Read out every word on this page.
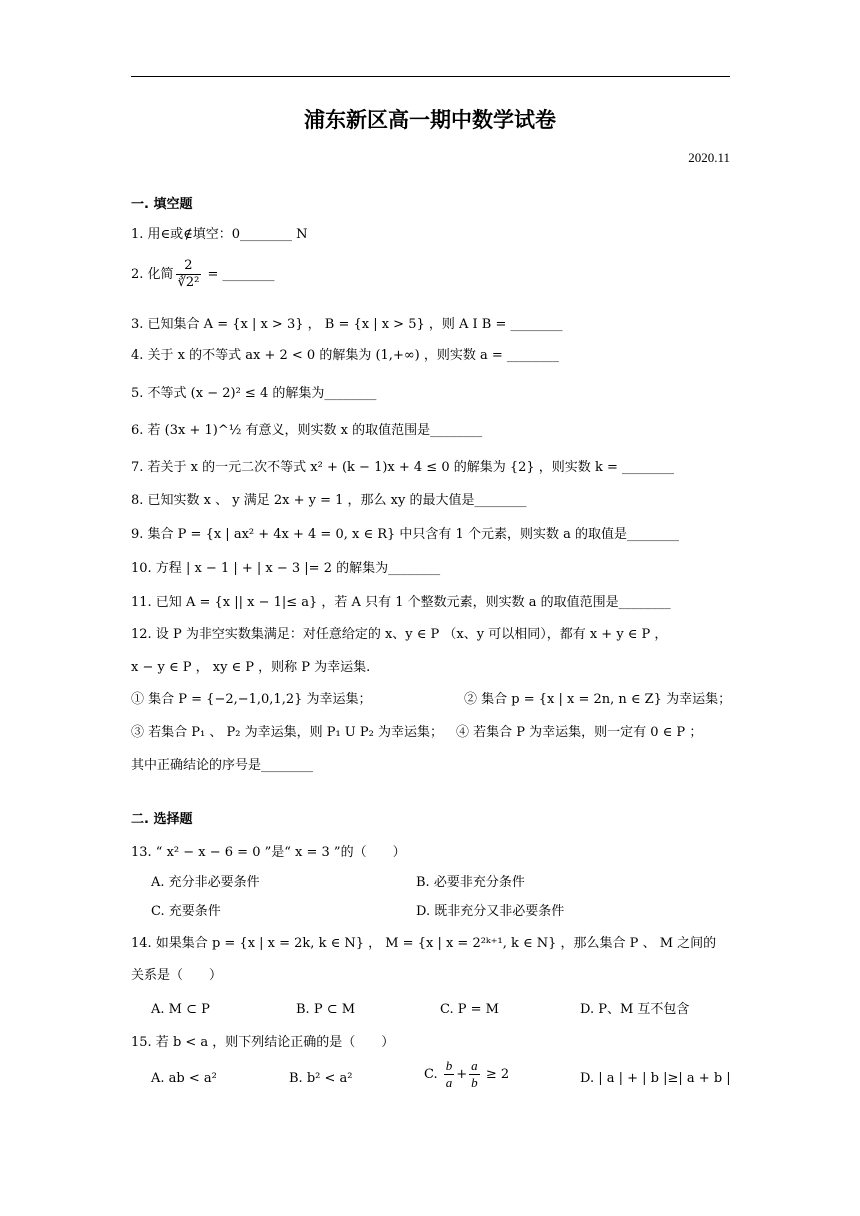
浦东新区高一期中数学试卷
2020.11
一. 填空题
1. 用∈或∉填空：0________ N
2. 化简 $\frac{2}{\text{∛2²}}$ = ________
3. 已知集合 A = {x | x > 3} ， B = {x | x > 5} ，则 A I B = ________
4. 关于 x 的不等式 ax + 2 < 0 的解集为 (1,+∞) ，则实数 a = ________
5. 不等式 (x − 2)² ≤ 4 的解集为________
6. 若 (3x + 1)^½ 有意义，则实数 x 的取值范围是________
7. 若关于 x 的一元二次不等式 x² + (k − 1)x + 4 ≤ 0 的解集为 {2} ，则实数 k = ________
8. 已知实数 x 、 y 满足 2x + y = 1 ，那么 xy 的最大值是________
9. 集合 P = {x | ax² + 4x + 4 = 0, x ∈ R} 中只含有 1 个元素，则实数 a 的取值是________
10. 方程 | x − 1 | + | x − 3 |= 2 的解集为________
11. 已知 A = {x || x − 1|≤ a} ，若 A 只有 1 个整数元素，则实数 a 的取值范围是________
12. 设 P 为非空实数集满足：对任意给定的 x、y ∈ P （x、y 可以相同），都有 x + y ∈ P ，
x − y ∈ P ， xy ∈ P ，则称 P 为幸运集.
① 集合 P = {−2,−1,0,1,2} 为幸运集；	② 集合 p = {x | x = 2n, n ∈ Z} 为幸运集；
③ 若集合 P₁ 、 P₂ 为幸运集，则 P₁ U P₂ 为幸运集； ④ 若集合 P 为幸运集，则一定有 0 ∈ P ；
其中正确结论的序号是________
二. 选择题
13. “ x² − x − 6 = 0 ”是“ x = 3 ”的（　　）
A. 充分非必要条件	B. 必要非充分条件
C. 充要条件	D. 既非充分又非必要条件
14. 如果集合 p = {x | x = 2k, k ∈ N} ， M = {x | x = 2²ᵏ⁺¹, k ∈ N} ，那么集合 P 、 M 之间的
关系是（　　）
A. M ⊂ P	B. P ⊂ M	C. P = M	D. P、M 互不包含
15. 若 b < a ，则下列结论正确的是（　　）
A. ab < a²	B. b² < a²	C. $\frac{b}{a} + \frac{a}{b} \ge 2$	D. | a | + | b |≥| a + b |
